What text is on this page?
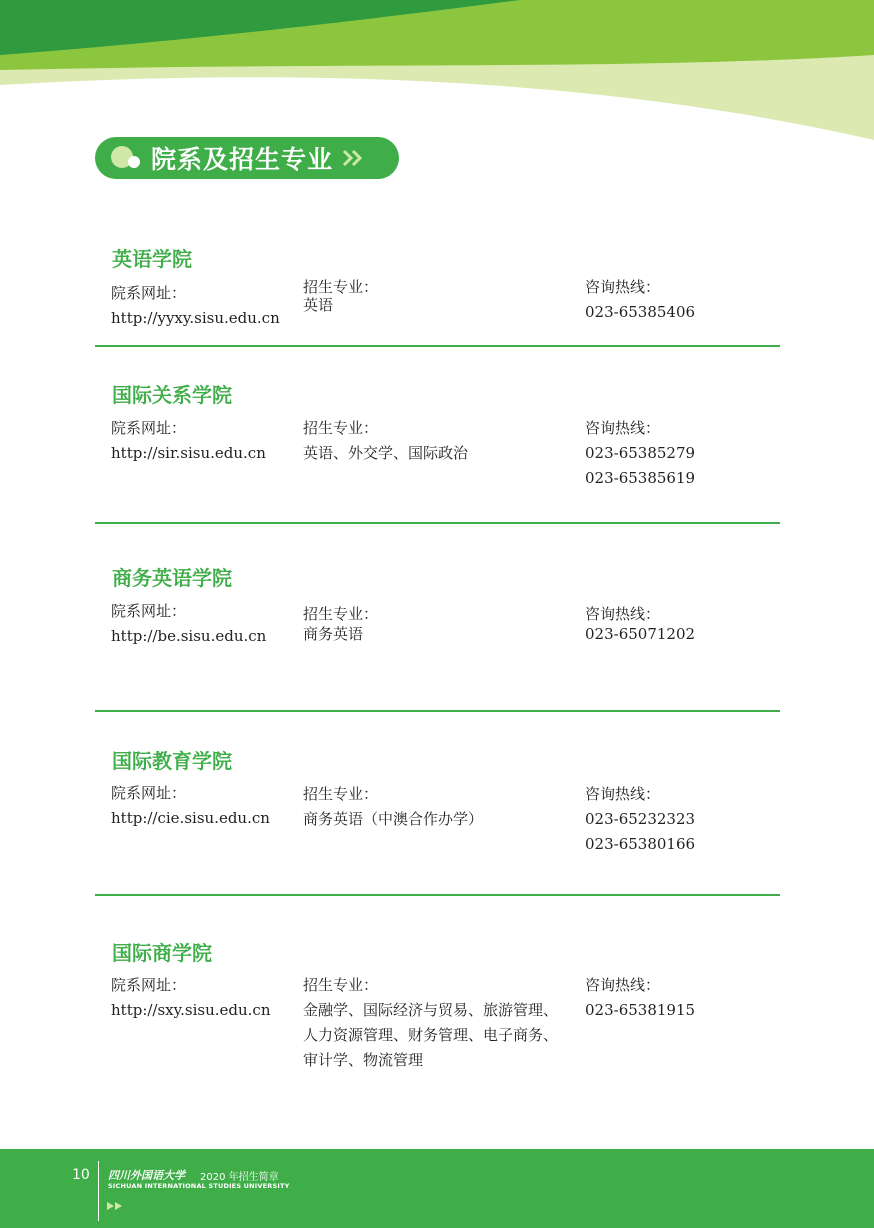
院系及招生专业
英语学院
院系网址：
http://yyxy.sisu.edu.cn
招生专业：
英语
咨询热线：
023-65385406
国际关系学院
院系网址：
http://sir.sisu.edu.cn
招生专业：
英语、外交学、国际政治
咨询热线：
023-65385279
023-65385619
商务英语学院
院系网址：
http://be.sisu.edu.cn
招生专业：
商务英语
咨询热线：
023-65071202
国际教育学院
院系网址：
http://cie.sisu.edu.cn
招生专业：
商务英语（中澳合作办学）
咨询热线：
023-65232323
023-65380166
国际商学院
院系网址：
http://sxy.sisu.edu.cn
招生专业：
金融学、国际经济与贸易、旅游管理、
人力资源管理、财务管理、电子商务、
审计学、物流管理
咨询热线：
023-65381915
10 四川外国语大学 2020 年招生简章
SICHUAN INTERNATIONAL STUDIES UNIVERSITY
